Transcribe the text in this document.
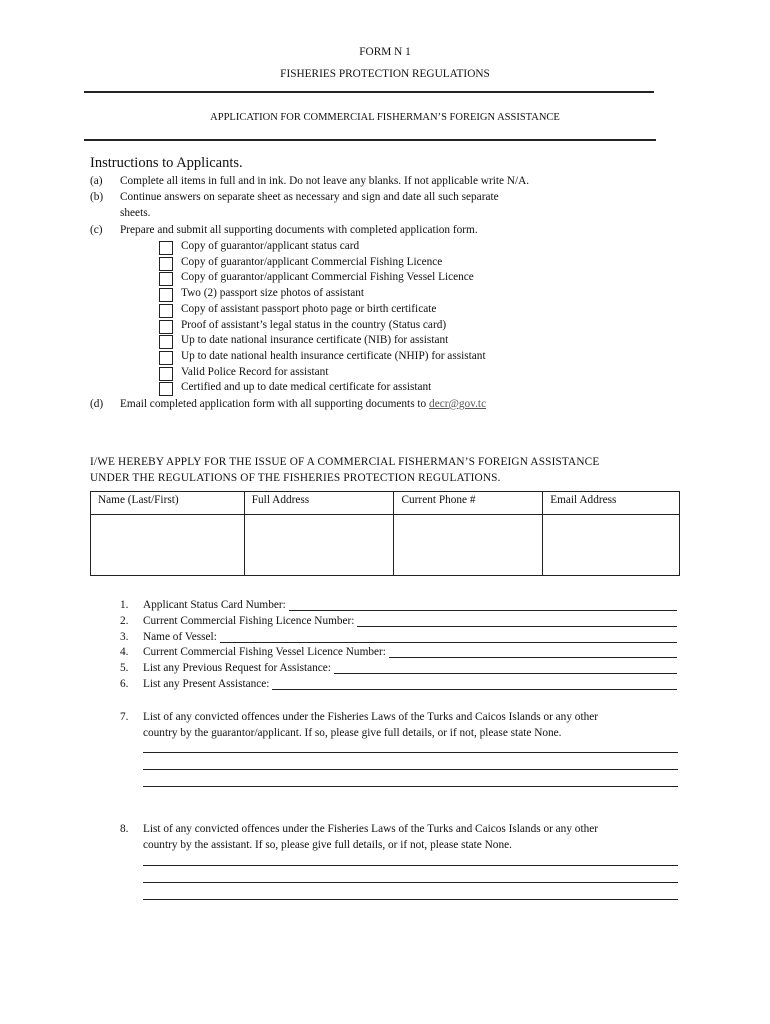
FORM N 1
FISHERIES PROTECTION REGULATIONS
APPLICATION FOR COMMERCIAL FISHERMAN’S FOREIGN ASSISTANCE
Instructions to Applicants.
(a) Complete all items in full and in ink. Do not leave any blanks. If not applicable write N/A.
(b) Continue answers on separate sheet as necessary and sign and date all such separate
sheets.
(c) Prepare and submit all supporting documents with completed application form.
Copy of guarantor/applicant status card
Copy of guarantor/applicant Commercial Fishing Licence
Copy of guarantor/applicant Commercial Fishing Vessel Licence
Two (2) passport size photos of assistant
Copy of assistant passport photo page or birth certificate
Proof of assistant’s legal status in the country (Status card)
Up to date national insurance certificate (NIB) for assistant
Up to date national health insurance certificate (NHIP) for assistant
Valid Police Record for assistant
Certified and up to date medical certificate for assistant
(d) Email completed application form with all supporting documents to decr@gov.tc
I/WE HEREBY APPLY FOR THE ISSUE OF A COMMERCIAL FISHERMAN’S FOREIGN ASSISTANCE
UNDER THE REGULATIONS OF THE FISHERIES PROTECTION REGULATIONS.
Name (Last/First)	Full Address	Current Phone #	Email Address

1.	Applicant Status Card Number:
2.	Current Commercial Fishing Licence Number:
3.	Name of Vessel:
4.	Current Commercial Fishing Vessel Licence Number:
5.	List any Previous Request for Assistance:
6.	List any Present Assistance:
7.	List of any convicted offences under the Fisheries Laws of the Turks and Caicos Islands or any other
country by the guarantor/applicant. If so, please give full details, or if not, please state None.
8.	List of any convicted offences under the Fisheries Laws of the Turks and Caicos Islands or any other
country by the assistant. If so, please give full details, or if not, please state None.
